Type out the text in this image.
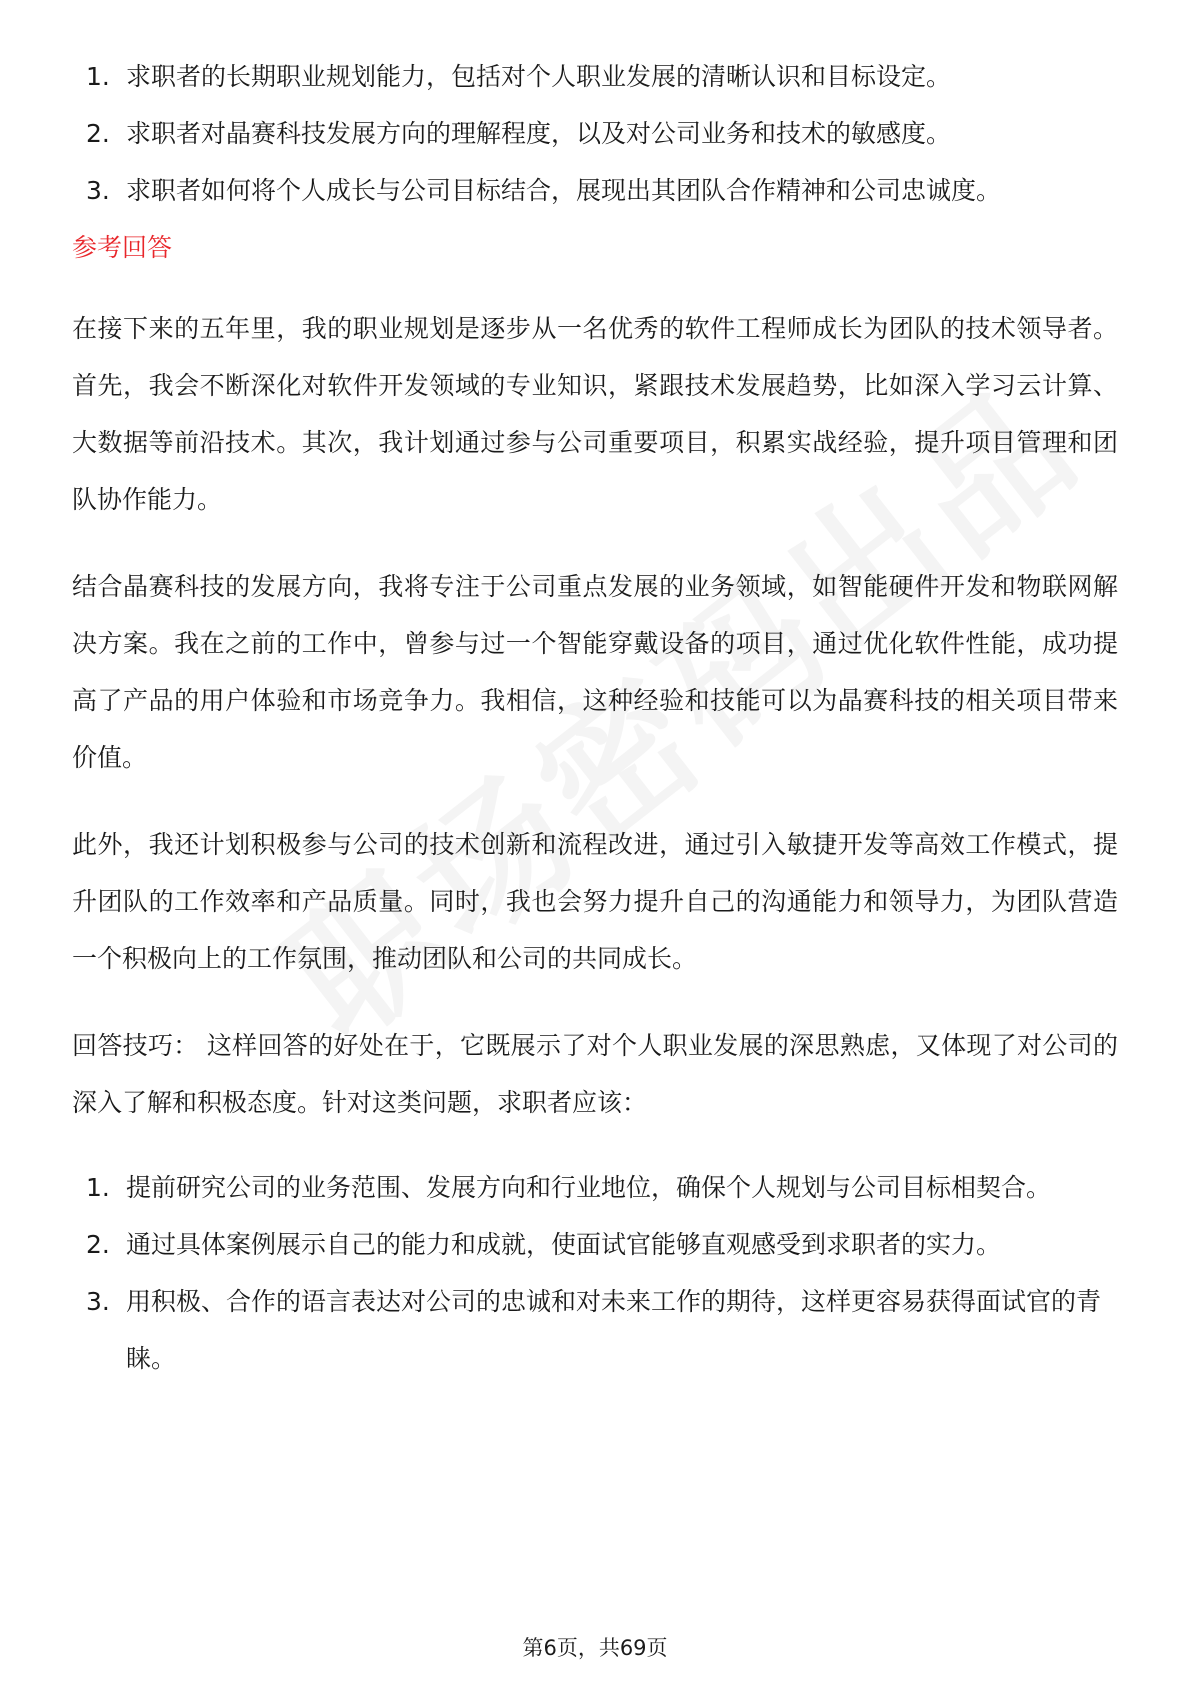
1. 求职者的长期职业规划能力，包括对个人职业发展的清晰认识和目标设定。
2. 求职者对晶赛科技发展方向的理解程度，以及对公司业务和技术的敏感度。
3. 求职者如何将个人成长与公司目标结合，展现出其团队合作精神和公司忠诚度。
参考回答

在接下来的五年里，我的职业规划是逐步从一名优秀的软件工程师成长为团队的技术领导者。首先，我会不断深化对软件开发领域的专业知识，紧跟技术发展趋势，比如深入学习云计算、大数据等前沿技术。其次，我计划通过参与公司重要项目，积累实战经验，提升项目管理和团队协作能力。

结合晶赛科技的发展方向，我将专注于公司重点发展的业务领域，如智能硬件开发和物联网解决方案。我在之前的工作中，曾参与过一个智能穿戴设备的项目，通过优化软件性能，成功提高了产品的用户体验和市场竞争力。我相信，这种经验和技能可以为晶赛科技的相关项目带来价值。

此外，我还计划积极参与公司的技术创新和流程改进，通过引入敏捷开发等高效工作模式，提升团队的工作效率和产品质量。同时，我也会努力提升自己的沟通能力和领导力，为团队营造一个积极向上的工作氛围，推动团队和公司的共同成长。

回答技巧： 这样回答的好处在于，它既展示了对个人职业发展的深思熟虑，又体现了对公司的深入了解和积极态度。针对这类问题，求职者应该：

1. 提前研究公司的业务范围、发展方向和行业地位，确保个人规划与公司目标相契合。
2. 通过具体案例展示自己的能力和成就，使面试官能够直观感受到求职者的实力。
3. 用积极、合作的语言表达对公司的忠诚和对未来工作的期待，这样更容易获得面试官的青睐。
第6页，共69页
